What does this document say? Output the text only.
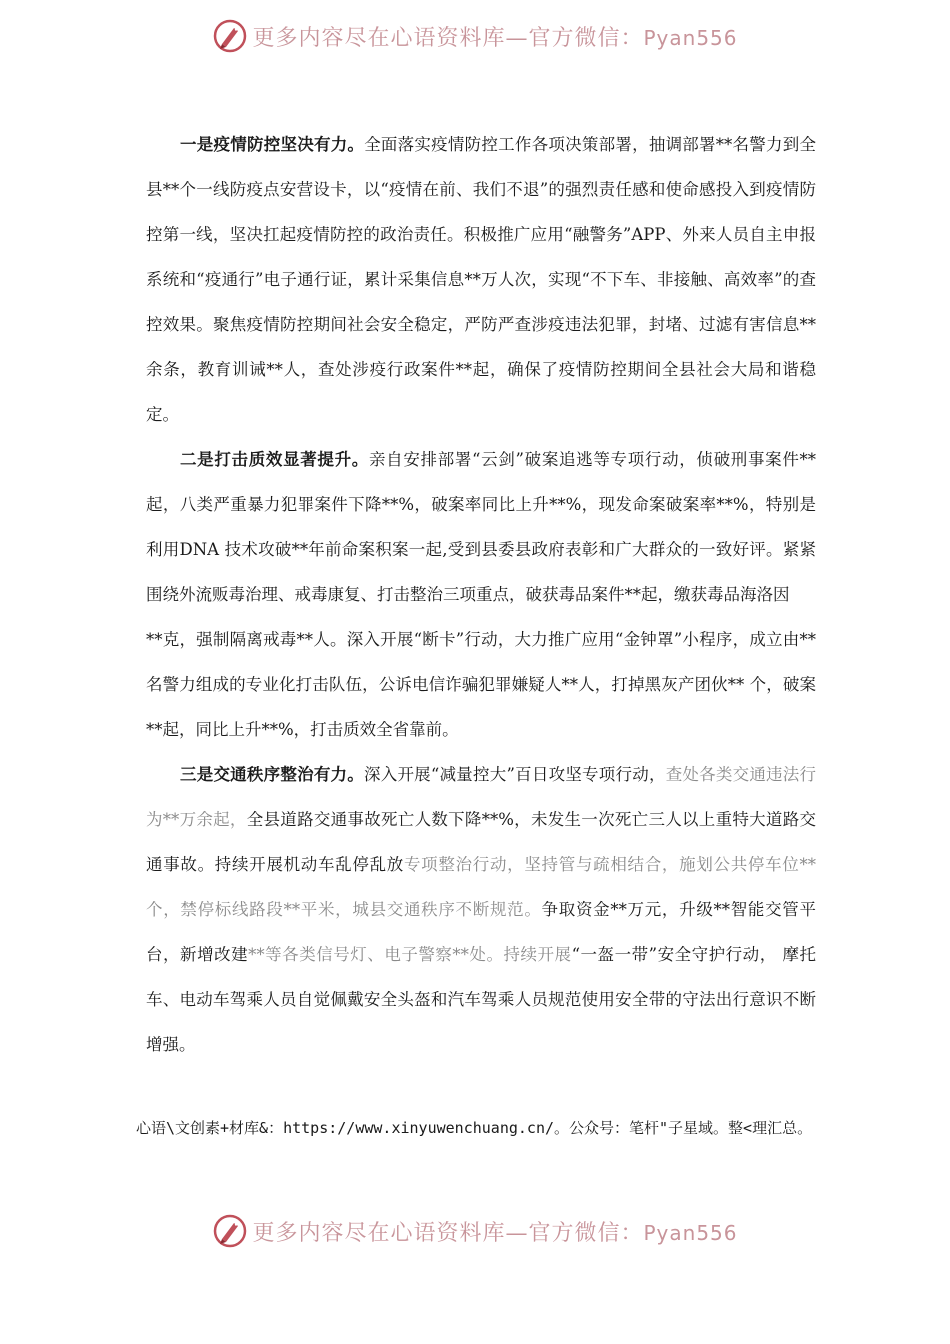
更多内容尽在心语资料库—官方微信：Pyan556

一是疫情防控坚决有力。全面落实疫情防控工作各项决策部署，抽调部署**名警力到全县**个一线防疫点安营设卡，以“疫情在前、我们不退”的强烈责任感和使命感投入到疫情防控第一线，坚决扛起疫情防控的政治责任。积极推广应用“融警务”APP、外来人员自主申报系统和“疫通行”电子通行证，累计采集信息**万人次，实现“不下车、非接触、高效率”的查控效果。聚焦疫情防控期间社会安全稳定，严防严查涉疫违法犯罪，封堵、过滤有害信息**余条，教育训诫**人，查处涉疫行政案件**起，确保了疫情防控期间全县社会大局和谐稳定。

二是打击质效显著提升。亲自安排部署“云剑”破案追逃等专项行动，侦破刑事案件**起，八类严重暴力犯罪案件下降**%，破案率同比上升**%，现发命案破案率**%，特别是利用DNA 技术攻破**年前命案积案一起,受到县委县政府表彰和广大群众的一致好评。紧紧围绕外流贩毒治理、戒毒康复、打击整治三项重点，破获毒品案件**起，缴获毒品海洛因

**克，强制隔离戒毒**人。深入开展“断卡”行动，大力推广应用“金钟罩”小程序，成立由**名警力组成的专业化打击队伍，公诉电信诈骗犯罪嫌疑人**人，打掉黑灰产团伙** 个，破案**起，同比上升**%，打击质效全省靠前。

三是交通秩序整治有力。深入开展“减量控大”百日攻坚专项行动，查处各类交通违法行为**万余起，全县道路交通事故死亡人数下降**%，未发生一次死亡三人以上重特大道路交通事故。持续开展机动车乱停乱放专项整治行动，坚持管与疏相结合，施划公共停车位**个，禁停标线路段**平米，城县交通秩序不断规范。争取资金**万元，升级**智能交管平台，新增改建**等各类信号灯、电子警察**处。持续开展“一盔一带”安全守护行动， 摩托车、电动车驾乘人员自觉佩戴安全头盔和汽车驾乘人员规范使用安全带的守法出行意识不断增强。

心语\文创素+材库&：https://www.xinyuwenchuang.cn/。公众号：笔杆"子星域。整<理汇总。
更多内容尽在心语资料库—官方微信：Pyan556
